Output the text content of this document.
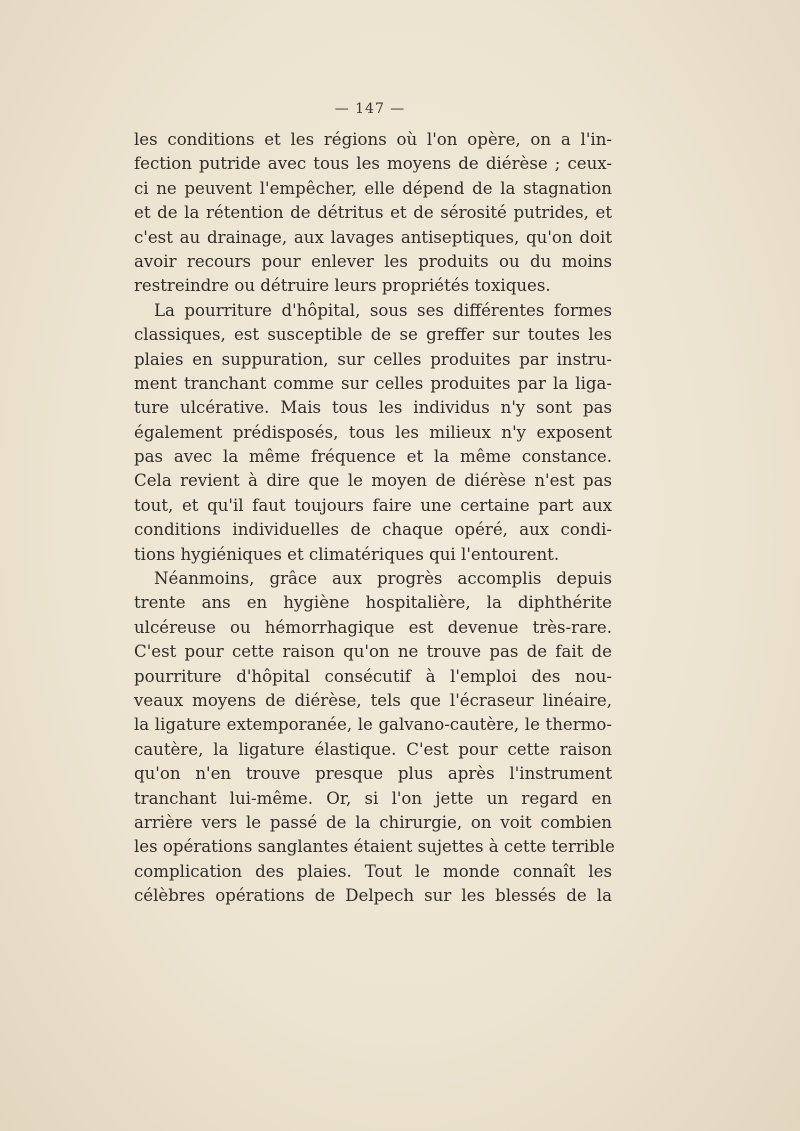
— 147 —
les conditions et les régions où l'on opère, on a l'in-
fection putride avec tous les moyens de diérèse ; ceux-
ci ne peuvent l'empêcher, elle dépend de la stagnation
et de la rétention de détritus et de sérosité putrides, et
c'est au drainage, aux lavages antiseptiques, qu'on doit
avoir recours pour enlever les produits ou du moins
restreindre ou détruire leurs propriétés toxiques.
La pourriture d'hôpital, sous ses différentes formes
classiques, est susceptible de se greffer sur toutes les
plaies en suppuration, sur celles produites par instru-
ment tranchant comme sur celles produites par la liga-
ture ulcérative. Mais tous les individus n'y sont pas
également prédisposés, tous les milieux n'y exposent
pas avec la même fréquence et la même constance.
Cela revient à dire que le moyen de diérèse n'est pas
tout, et qu'il faut toujours faire une certaine part aux
conditions individuelles de chaque opéré, aux condi-
tions hygiéniques et climatériques qui l'entourent.
Néanmoins, grâce aux progrès accomplis depuis
trente ans en hygiène hospitalière, la diphthérite
ulcéreuse ou hémorrhagique est devenue très-rare.
C'est pour cette raison qu'on ne trouve pas de fait de
pourriture d'hôpital consécutif à l'emploi des nou-
veaux moyens de diérèse, tels que l'écraseur linéaire,
la ligature extemporanée, le galvano-cautère, le thermo-
cautère, la ligature élastique. C'est pour cette raison
qu'on n'en trouve presque plus après l'instrument
tranchant lui-même. Or, si l'on jette un regard en
arrière vers le passé de la chirurgie, on voit combien
les opérations sanglantes étaient sujettes à cette terrible
complication des plaies. Tout le monde connaît les
célèbres opérations de Delpech sur les blessés de la
